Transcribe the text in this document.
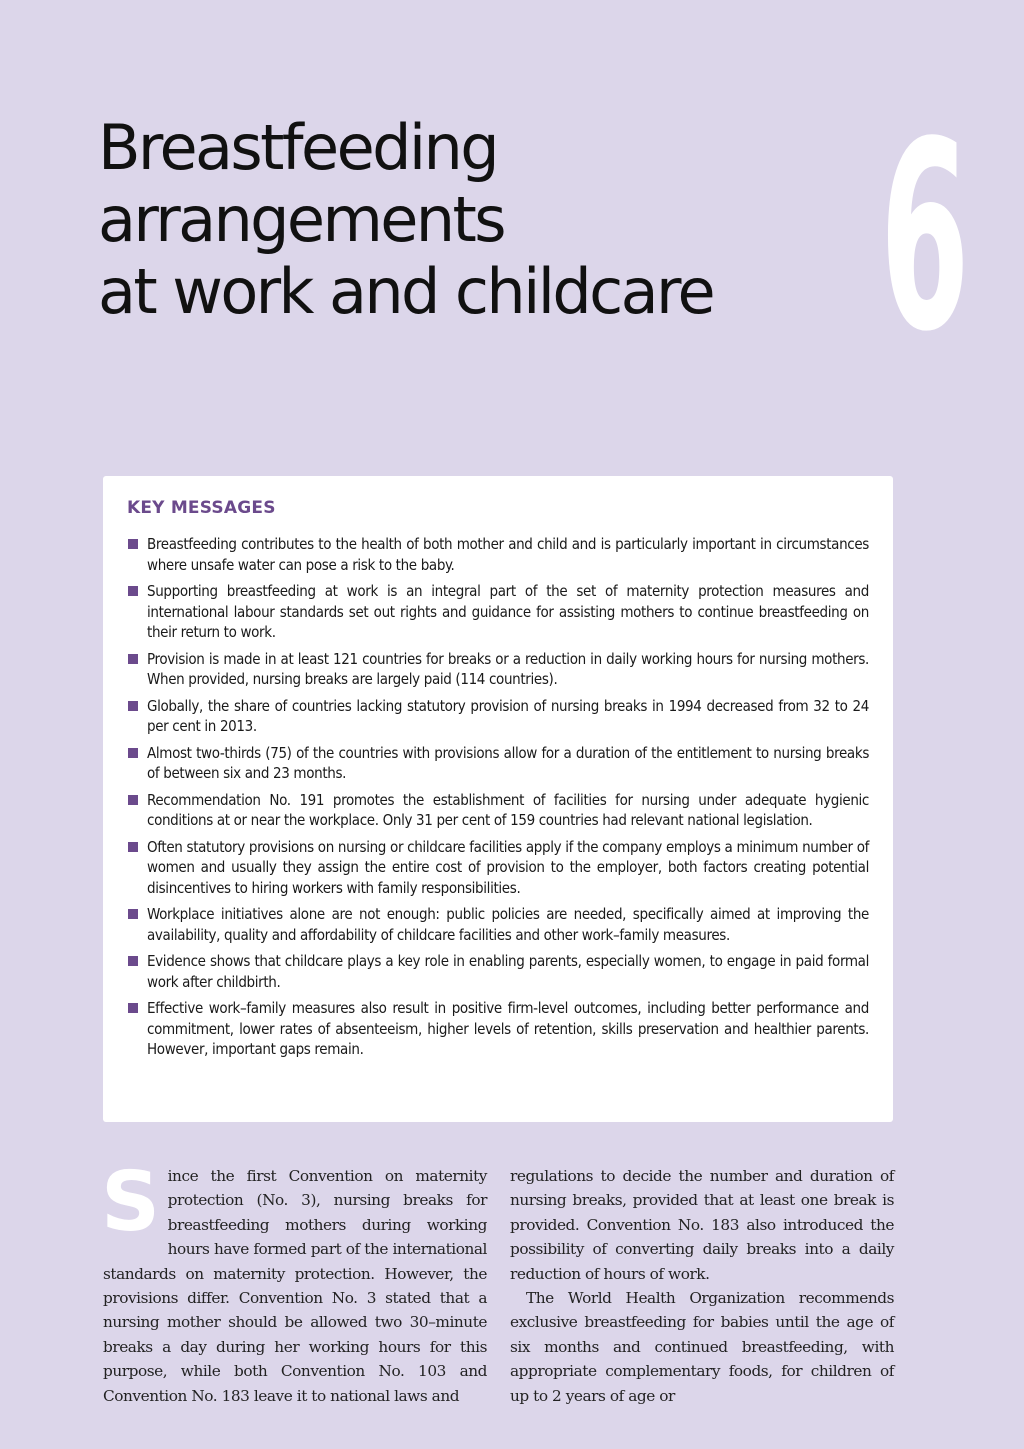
Breastfeeding arrangements
at work and childcare 6
KEY MESSAGES
Breastfeeding contributes to the health of both mother and child and is particularly important in circumstances where unsafe water can pose a risk to the baby.
Supporting breastfeeding at work is an integral part of the set of maternity protection measures and international labour standards set out rights and guidance for assisting mothers to continue breastfeeding on their return to work.
Provision is made in at least 121 countries for breaks or a reduction in daily working hours for nursing mothers. When provided, nursing breaks are largely paid (114 countries).
Globally, the share of countries lacking statutory provision of nursing breaks in 1994 decreased from 32 to 24 per cent in 2013.
Almost two-thirds (75) of the countries with provisions allow for a duration of the entitlement to nursing breaks of between six and 23 months.
Recommendation No. 191 promotes the establishment of facilities for nursing under adequate hygienic conditions at or near the workplace. Only 31 per cent of 159 countries had relevant national legislation.
Often statutory provisions on nursing or childcare facilities apply if the company employs a minimum number of women and usually they assign the entire cost of provision to the employer, both factors creating potential disincentives to hiring workers with family responsibilities.
Workplace initiatives alone are not enough: public policies are needed, specifically aimed at improving the availability, quality and affordability of childcare facilities and other work–family measures.
Evidence shows that childcare plays a key role in enabling parents, especially women, to engage in paid formal work after childbirth.
Effective work–family measures also result in positive firm-level outcomes, including better performance and commitment, lower rates of absenteeism, higher levels of retention, skills preservation and healthier parents. However, important gaps remain.

Since the first Convention on maternity protection (No. 3), nursing breaks for breastfeeding mothers during working hours have formed part of the international standards on maternity protection. However, the provisions differ. Convention No. 3 stated that a nursing mother should be allowed two 30–minute breaks a day during her working hours for this purpose, while both Convention No. 103 and Convention No. 183 leave it to national laws and

regulations to decide the number and duration of nursing breaks, provided that at least one break is provided. Convention No. 183 also introduced the possibility of converting daily breaks into a daily reduction of hours of work.

The World Health Organization recommends exclusive breastfeeding for babies until the age of six months and continued breastfeeding, with appropriate complementary foods, for children of up to 2 years of age or
